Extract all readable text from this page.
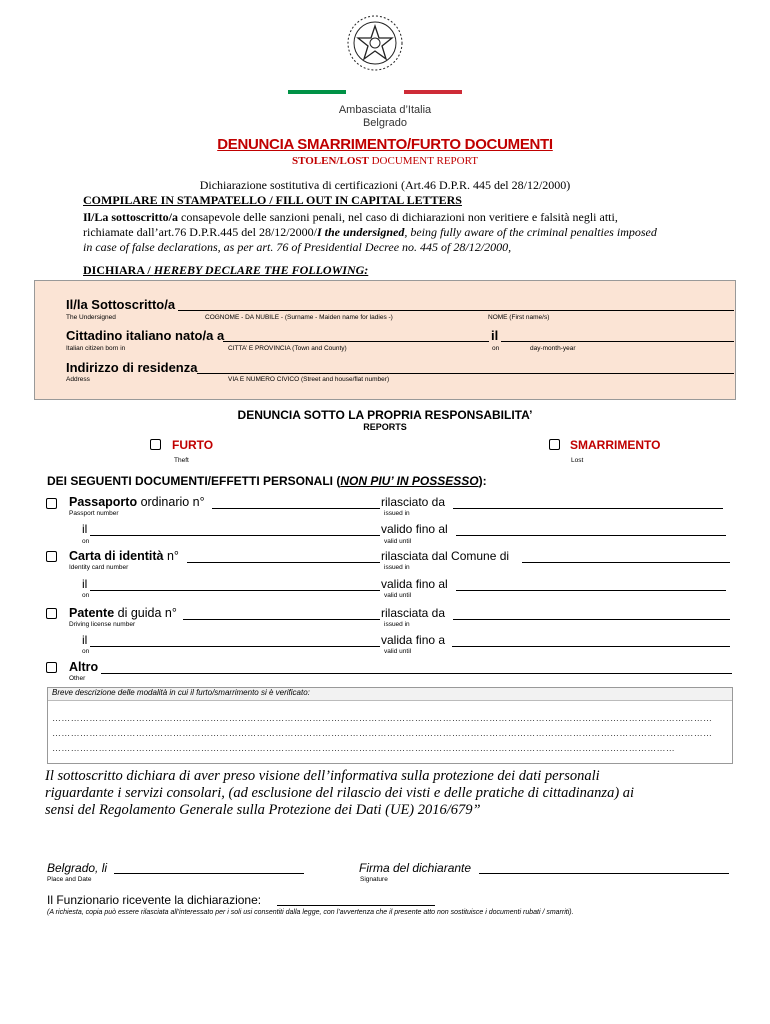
Ambasciata d’Italia
Belgrado
DENUNCIA SMARRIMENTO/FURTO DOCUMENTI
STOLEN/LOST DOCUMENT REPORT
Dichiarazione sostitutiva di certificazioni (Art.46 D.P.R. 445 del 28/12/2000)
COMPILARE IN STAMPATELLO / FILL OUT IN CAPITAL LETTERS
Il/La sottoscritto/a consapevole delle sanzioni penali, nel caso di dichiarazioni non veritiere e falsità negli atti,
richiamate dall’art.76 D.P.R.445 del 28/12/2000/I the undersigned, being fully aware of the criminal penalties imposed
in case of false declarations, as per art. 76 of Presidential Decree no. 445 of 28/12/2000,
DICHIARA / HEREBY DECLARE THE FOLLOWING:
Il/la Sottoscritto/a
The Undersigned	COGNOME - DA NUBILE - (Surname - Maiden name for ladies -)	NOME (First name/s)
Cittadino italiano nato/a a	il
Italian citizen born in	CITTA’ E PROVINCIA (Town and County)	on	day-month-year
Indirizzo di residenza
Address	VIA E NUMERO CIVICO (Street and house/flat number)
DENUNCIA SOTTO LA PROPRIA RESPONSABILITA’
REPORTS
FURTO
Theft
SMARRIMENTO
Lost
DEI SEGUENTI DOCUMENTI/EFFETTI PERSONALI (NON PIU’ IN POSSESSO):
Passaporto ordinario n°	rilasciato da
Passport number	issued in
il	valido fino al
on	valid until
Carta di identità n°	rilasciata dal Comune di
Identity card number	issued in
il	valida fino al
on	valid until
Patente di guida n°	rilasciata da
Driving license number	issued in
il	valida fino a
on	valid until
Altro
Other
Breve descrizione delle modalità in cui il furto/smarrimento si è verificato:
……………………………………………………………………………………………………………………………………………………………………………………………
……………………………………………………………………………………………………………………………………………………………………………………………
…………………………………………………………………………………………………………………………………………………………………………………
Il sottoscritto dichiara di aver preso visione dell’informativa sulla protezione dei dati personali
riguardante i servizi consolari, (ad esclusione del rilascio dei visti e delle pratiche di cittadinanza) ai
sensi del Regolamento Generale sulla Protezione dei Dati (UE) 2016/679”
Belgrado, li
Place and Date
Firma del dichiarante
Signature
Il Funzionario ricevente la dichiarazione:
(A richiesta, copia può essere rilasciata all’interessato per i soli usi consentiti dalla legge, con l’avvertenza che il presente atto non sostituisce i documenti rubati / smarriti).
